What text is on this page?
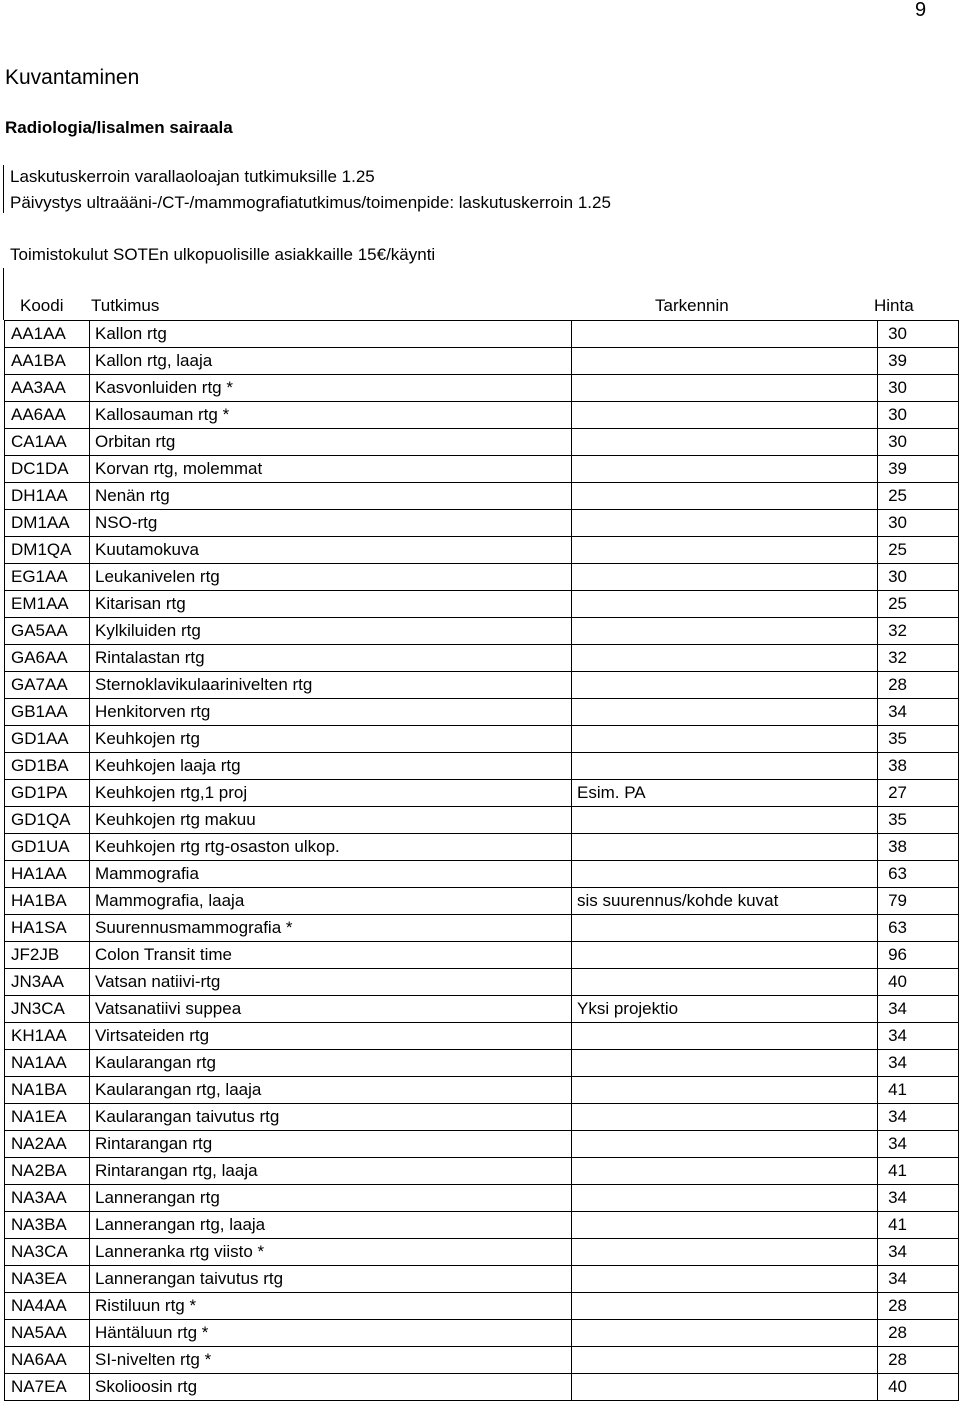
9
Kuvantaminen
Radiologia/lisalmen sairaala
Laskutuskerroin varallaoloajan tutkimuksille 1.25
Päivystys ultraääni-/CT-/mammografiatutkimus/toimenpide: laskutuskerroin 1.25
Toimistokulut SOTEn ulkopuolisille asiakkaille 15€/käynti
Koodi Tutkimus	Tarkennin	Hinta
AA1AA	Kallon rtg		30
AA1BA	Kallon rtg, laaja		39
AA3AA	Kasvonluiden rtg *		30
AA6AA	Kallosauman rtg *		30
CA1AA	Orbitan rtg		30
DC1DA	Korvan rtg, molemmat		39
DH1AA	Nenän rtg		25
DM1AA	NSO-rtg		30
DM1QA	Kuutamokuva		25
EG1AA	Leukanivelen rtg		30
EM1AA	Kitarisan rtg		25
GA5AA	Kylkiluiden rtg		32
GA6AA	Rintalastan rtg		32
GA7AA	Sternoklavikulaarinivelten rtg		28
GB1AA	Henkitorven rtg		34
GD1AA	Keuhkojen rtg		35
GD1BA	Keuhkojen laaja rtg		38
GD1PA	Keuhkojen rtg,1 proj	Esim. PA	27
GD1QA	Keuhkojen rtg makuu		35
GD1UA	Keuhkojen rtg rtg-osaston ulkop.		38
HA1AA	Mammografia		63
HA1BA	Mammografia, laaja	sis suurennus/kohde kuvat	79
HA1SA	Suurennusmammografia *		63
JF2JB	Colon Transit time		96
JN3AA	Vatsan natiivi-rtg		40
JN3CA	Vatsanatiivi suppea	Yksi projektio	34
KH1AA	Virtsateiden rtg		34
NA1AA	Kaularangan rtg		34
NA1BA	Kaularangan rtg, laaja		41
NA1EA	Kaularangan taivutus rtg		34
NA2AA	Rintarangan rtg		34
NA2BA	Rintarangan rtg, laaja		41
NA3AA	Lannerangan rtg		34
NA3BA	Lannerangan rtg, laaja		41
NA3CA	Lanneranka rtg viisto *		34
NA3EA	Lannerangan taivutus rtg		34
NA4AA	Ristiluun rtg *		28
NA5AA	Häntäluun rtg *		28
NA6AA	SI-nivelten rtg *		28
NA7EA	Skolioosin rtg		40
